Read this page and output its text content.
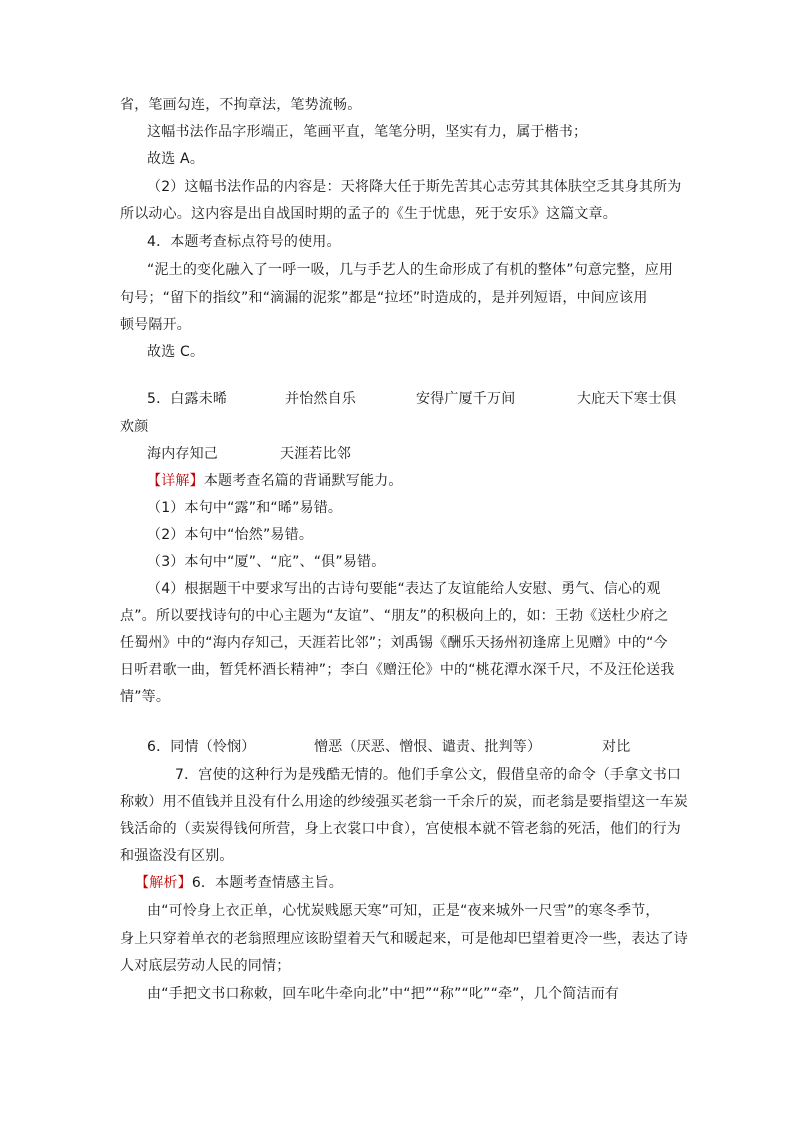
省，笔画勾连，不拘章法，笔势流畅。
这幅书法作品字形端正，笔画平直，笔笔分明，坚实有力，属于楷书；
故选 A。
（2）这幅书法作品的内容是：天将降大任于斯先苦其心志劳其其体肤空乏其身其所为
所以动心。这内容是出自战国时期的孟子的《生于忧患，死于安乐》这篇文章。
4．本题考查标点符号的使用。
“泥土的变化融入了一呼一吸，几与手艺人的生命形成了有机的整体”句意完整，应用
句号；“留下的指纹”和“滴漏的泥浆”都是“拉坯”时造成的，是并列短语，中间应该用
顿号隔开。
故选 C。
5．白露未晞	并怡然自乐	安得广厦千万间	大庇天下寒士俱
欢颜
海内存知己	天涯若比邻
【详解】本题考查名篇的背诵默写能力。
（1）本句中“露”和“晞”易错。
（2）本句中“怡然”易错。
（3）本句中“厦”、“庇”、“俱”易错。
（4）根据题干中要求写出的古诗句要能“表达了友谊能给人安慰、勇气、信心的观
点”。所以要找诗句的中心主题为“友谊”、“朋友”的积极向上的，如：王勃《送杜少府之
任蜀州》中的“海内存知己，天涯若比邻”；刘禹锡《酬乐天扬州初逢席上见赠》中的“今
日听君歌一曲，暂凭杯酒长精神”；李白《赠汪伦》中的“桃花潭水深千尺，不及汪伦送我
情”等。
6．同情（怜悯）	憎恶（厌恶、憎恨、谴责、批判等）	对比
7．宫使的这种行为是残酷无情的。他们手拿公文，假借皇帝的命令（手拿文书口
称敕）用不值钱并且没有什么用途的纱绫强买老翁一千余斤的炭，而老翁是要指望这一车炭
钱活命的（卖炭得钱何所营，身上衣裳口中食），宫使根本就不管老翁的死活，他们的行为
和强盗没有区别。
【解析】6．本题考查情感主旨。
由“可怜身上衣正单，心忧炭贱愿天寒”可知，正是“夜来城外一尺雪”的寒冬季节，
身上只穿着单衣的老翁照理应该盼望着天气和暖起来，可是他却巴望着更冷一些，表达了诗
人对底层劳动人民的同情；
由“手把文书口称敕，回车叱牛牵向北”中“把”“称”“叱”“牵”，几个简洁而有
